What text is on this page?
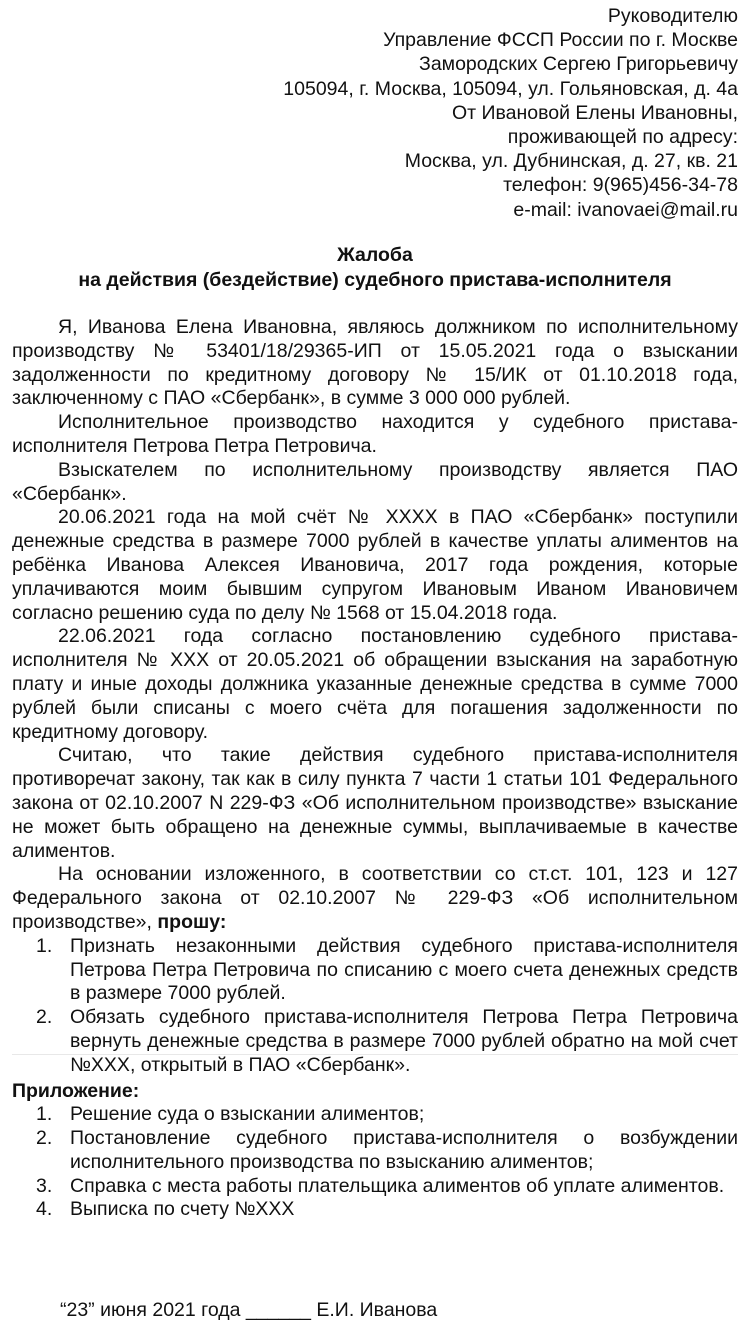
Руководителю
Управление ФССП России по г. Москве
Замородских Сергею Григорьевичу
105094, г. Москва, 105094, ул. Гольяновская, д. 4а
От Ивановой Елены Ивановны,
проживающей по адресу:
Москва, ул. Дубнинская, д. 27, кв. 21
телефон: 9(965)456-34-78
e-mail: ivanovaei@mail.ru
Жалоба
на действия (бездействие) судебного пристава-исполнителя

Я, Иванова Елена Ивановна, являюсь должником по исполнительному производству № 53401/18/29365-ИП от 15.05.2021 года о взыскании задолженности по кредитному договору № 15/ИК от 01.10.2018 года, заключенному с ПАО «Сбербанк», в сумме 3 000 000 рублей.

Исполнительное производство находится у судебного пристава-исполнителя Петрова Петра Петровича.

Взыскателем по исполнительному производству является ПАО «Сбербанк».

20.06.2021 года на мой счёт № XXXX в ПАО «Сбербанк» поступили денежные средства в размере 7000 рублей в качестве уплаты алиментов на ребёнка Иванова Алексея Ивановича, 2017 года рождения, которые уплачиваются моим бывшим супругом Ивановым Иваном Ивановичем согласно решению суда по делу № 1568 от 15.04.2018 года.

22.06.2021 года согласно постановлению судебного пристава-исполнителя № XXX от 20.05.2021 об обращении взыскания на заработную плату и иные доходы должника указанные денежные средства в сумме 7000 рублей были списаны с моего счёта для погашения задолженности по кредитному договору.

Считаю, что такие действия судебного пристава-исполнителя противоречат закону, так как в силу пункта 7 части 1 статьи 101 Федерального закона от 02.10.2007 N 229-ФЗ «Об исполнительном производстве» взыскание не может быть обращено на денежные суммы, выплачиваемые в качестве алиментов.

На основании изложенного, в соответствии со ст.ст. 101, 123 и 127 Федерального закона от 02.10.2007 № 229-ФЗ «Об исполнительном производстве», прошу:

1. Признать незаконными действия судебного пристава-исполнителя Петрова Петра Петровича по списанию с моего счета денежных средств в размере 7000 рублей.
2. Обязать судебного пристава-исполнителя Петрова Петра Петровича вернуть денежные средства в размере 7000 рублей обратно на мой счет №XXX, открытый в ПАО «Сбербанк».
Приложение:
1. Решение суда о взыскании алиментов;
2. Постановление судебного пристава-исполнителя о возбуждении исполнительного производства по взысканию алиментов;
3. Справка с места работы плательщика алиментов об уплате алиментов.
4. Выписка по счету №XXX
“23” июня 2021 года ______ Е.И. Иванова
